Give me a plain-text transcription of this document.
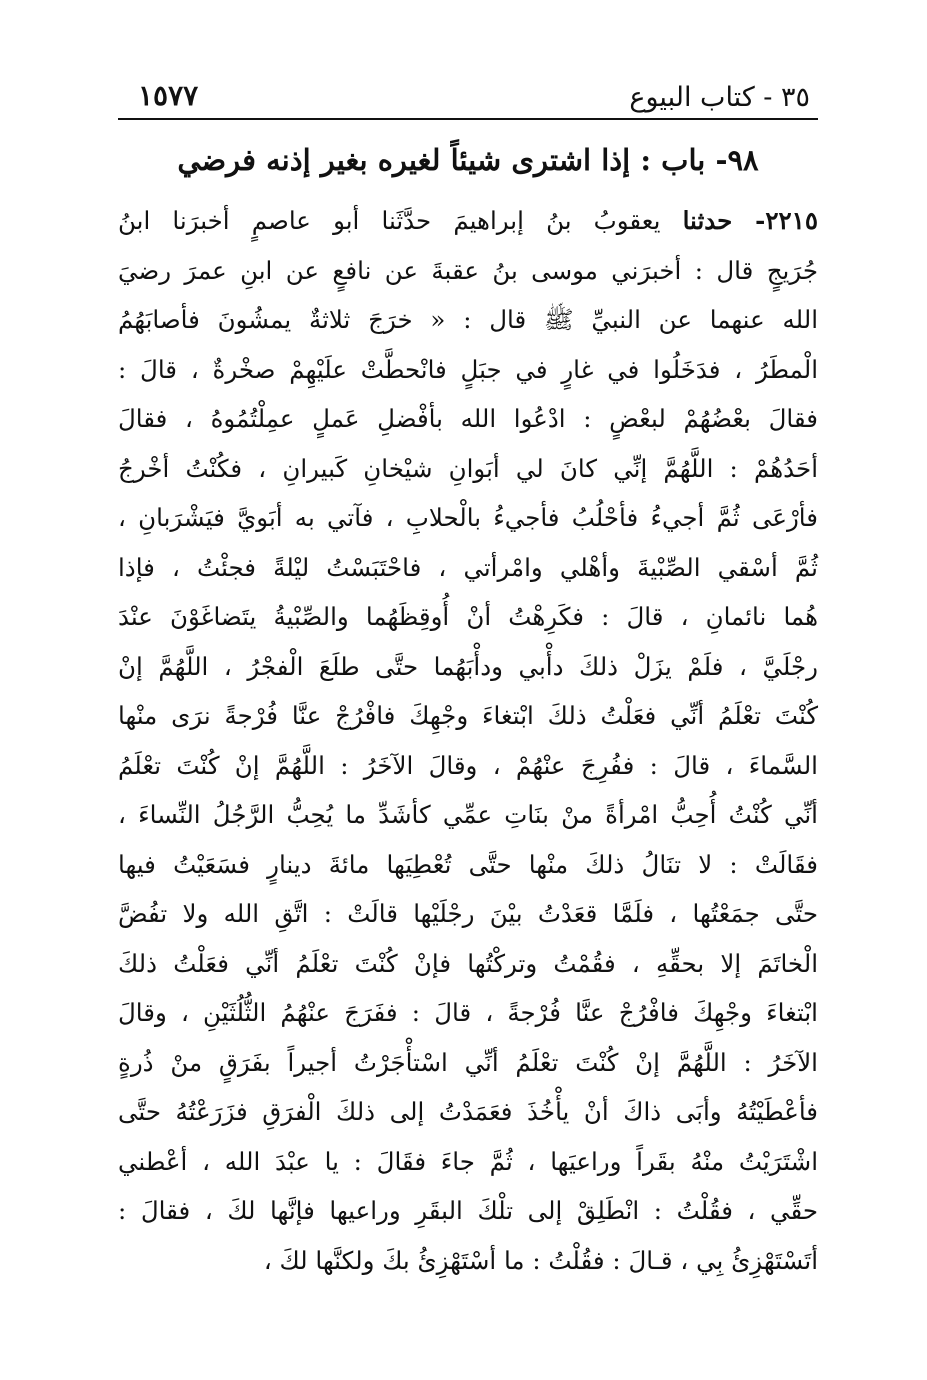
٣٥ - كتاب البيوع
١٥٧٧
٩٨- باب : إذا اشترى شيئاً لغيره بغير إذنه فرضي
٢٢١٥- حدثنا يعقوبُ بنُ إبراهيمَ حدَّثَنا أبو عاصمٍ أخبرَنا ابنُ
جُرَيجٍ قال : أخبرَني موسى بنُ عقبةَ عن نافعٍ عن ابنِ عمرَ رضيَ
الله عنهما عن النبيِّ ﷺ قال : « خرَجَ ثلاثةٌ يمشُونَ فأصابَهُمُ
الْمطَرُ ، فدَخَلُوا في غارٍ في جبَلٍ فانْحطَّتْ علَيْهِمْ صخْرةٌ ، قالَ :
فقالَ بعْضُهُمْ لبعْضٍ : ادْعُوا الله بأفْضلِ عَملٍ عمِلْتُمُوهُ ، فقالَ
أحَدُهُمْ : اللَّهُمَّ إنِّي كانَ لي أبَوانِ شيْخانِ كَبيرانِ ، فكُنْتُ أخْرجُ
فأرْعَى ثُمَّ أجيءُ فأحْلُبُ فأجيءُ بالْحلابِ ، فآتي به أبَويَّ فيَشْرَبانِ ،
ثُمَّ أسْقي الصِّبْيةَ وأهْلي وامْرأتي ، فاحْتَبَسْتُ ليْلةً فجئْتُ ، فإذا
هُما نائمانِ ، قالَ : فكَرِهْتُ أنْ أُوقِظَهُما والصِّبْيةُ يتَضاغَوْنَ عنْدَ
رجْلَيَّ ، فلَمْ يزَلْ ذلكَ دأْبي ودأْبَهُما حتَّى طلَعَ الْفجْرُ ، اللَّهُمَّ إنْ
كُنْتَ تعْلَمُ أنِّي فعَلْتُ ذلكَ ابْتغاءَ وجْهِكَ فافْرُجْ عنَّا فُرْجةً نرَى منْها
السَّماءَ ، قالَ : ففُرِجَ عنْهُمْ ، وقالَ الآخَرُ : اللَّهُمَّ إنْ كُنْتَ تعْلَمُ
أنِّي كُنْتُ أُحِبُّ امْرأةً منْ بنَاتِ عمِّي كأشَدِّ ما يُحِبُّ الرَّجُلُ النِّساءَ ،
فقَالَتْ : لا تنَالُ ذلكَ منْها حتَّى تُعْطِيَها مائةَ دينارٍ فسَعَيْتُ فيها
حتَّى جمَعْتُها ، فلَمَّا قعَدْتُ بيْنَ رجْلَيْها قالَتْ : اتَّقِ الله ولا تفُضَّ
الْخاتَمَ إلا بحقِّهِ ، فقُمْتُ وتركْتُها فإنْ كُنْتَ تعْلَمُ أنِّي فعَلْتُ ذلكَ
ابْتغاءَ وجْهِكَ فافْرُجْ عنَّا فُرْجةً ، قالَ : ففَرَجَ عنْهُمُ الثُّلُثَيْنِ ، وقالَ
الآخَرُ : اللَّهُمَّ إنْ كُنْتَ تعْلَمُ أنِّي اسْتأْجَرْتُ أجيراً بفَرَقٍ منْ ذُرةٍ
فأعْطَيْتُهُ وأبَى ذاكَ أنْ يأْخُذَ فعَمَدْتُ إلى ذلكَ الْفرَقِ فزَرَعْتُهُ حتَّى
اشْتَرَيْتُ منْهُ بقَراً وراعيَها ، ثُمَّ جاءَ فقَالَ : يا عبْدَ الله ، أعْطني
حقِّي ، فقُلْتُ : انْطَلِقْ إلى تلْكَ البقَرِ وراعيها فإنَّها لكَ ، فقالَ :
أتَسْتَهْزِئُ بِي ، قـالَ : فقُلْتُ : ما أسْتَهْزِئُ بكَ ولكنَّها لكَ ،
